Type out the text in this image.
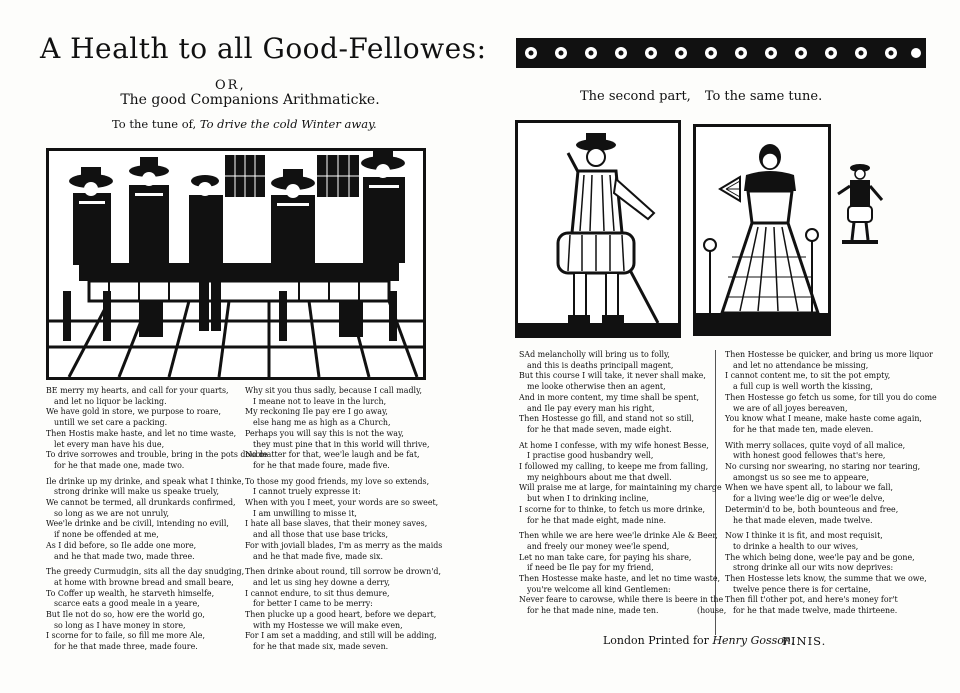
A Health to all Good-Fellowes:
OR,
The good Companions Arithmaticke.
To the tune of, To drive the cold Winter away.
The second part, To the same tune.

BE merry my hearts, and call for your quarts,
and let no liquor be lacking.
We have gold in store, we purpose to roare,
untill we set care a packing.
Then Hostis make haste, and let no time waste,
let every man have his due,
To drive sorrowes and trouble, bring in the pots double
for he that made one, made two.

Ile drinke up my drinke, and speak what I thinke,
strong drinke will make us speake truely,
We cannot be termed, all drunkards confirmed,
so long as we are not unruly,
Wee'le drinke and be civill, intending no evill,
if none be offended at me,
As I did before, so Ile adde one more,
and he that made two, made three.

The greedy Curmudgin, sits all the day snudging,
at home with browne bread and small beare,
To Coffer up wealth, he starveth himselfe,
scarce eats a good meale in a yeare,
But Ile not do so, how ere the world go,
so long as I have money in store,
I scorne for to faile, so fill me more Ale,
for he that made three, made foure.

Why sit you thus sadly, because I call madly,
I meane not to leave in the lurch,
My reckoning Ile pay ere I go away,
else hang me as high as a Church,
Perhaps you will say this is not the way,
they must pine that in this world will thrive,
No matter for that, wee'le laugh and be fat,
for he that made foure, made five.

To those my good friends, my love so extends,
I cannot truely expresse it:
When with you I meet, your words are so sweet,
I am unwilling to misse it,
I hate all base slaves, that their money saves,
and all those that use base tricks,
For with joviall blades, I'm as merry as the maids
and he that made five, made six.

Then drinke about round, till sorrow be drown'd,
and let us sing hey downe a derry,
I cannot endure, to sit thus demure,
for better I came to be merry:
Then plucke up a good heart, before we depart,
with my Hostesse we will make even,
For I am set a madding, and still will be adding,
for he that made six, made seven.

SAd melancholly will bring us to folly,
and this is deaths principall magent,
But this course I will take, it never shall make,
me looke otherwise then an agent,
And in more content, my time shall be spent,
and Ile pay every man his right,
Then Hostesse go fill, and stand not so still,
for he that made seven, made eight.

At home I confesse, with my wife honest Besse,
I practise good husbandry well,
I followed my calling, to keepe me from falling,
my neighbours about me that dwell.
Will praise me at large, for maintaining my charge
but when I to drinking incline,
I scorne for to thinke, to fetch us more drinke,
for he that made eight, made nine.

Then while we are here wee'le drinke Ale & Beer,
and freely our money wee'le spend,
Let no man take care, for paying his share,
if need be Ile pay for my friend,
Then Hostesse make haste, and let no time waste,
you're welcome all kind Gentlemen:
Never feare to carowse, while there is beere in the
for he that made nine, made ten.	(house,

Then Hostesse be quicker, and bring us more liquor
and let no attendance be missing,
I cannot content me, to sit the pot empty,
a full cup is well worth the kissing,
Then Hostesse go fetch us some, for till you do come
we are of all joyes bereaven,
You know what I meane, make haste come again,
for he that made ten, made eleven.

With merry sollaces, quite voyd of all malice,
with honest good fellowes that's here,
No cursing nor swearing, no staring nor tearing,
amongst us so see me to appeare,
When we have spent all, to labour we fall,
for a living wee'le dig or wee'le delve,
Determin'd to be, both bounteous and free,
he that made eleven, made twelve.

Now I thinke it is fit, and most requisit,
to drinke a health to our wives,
The which being done, wee'le pay and be gone,
strong drinke all our wits now deprives:
Then Hostesse lets know, the summe that we owe,
twelve pence there is for certaine,
Then fill t'other pot, and here's money for't
for he that made twelve, made thirteene.

London Printed for Henry Gosson.
FINIS.
